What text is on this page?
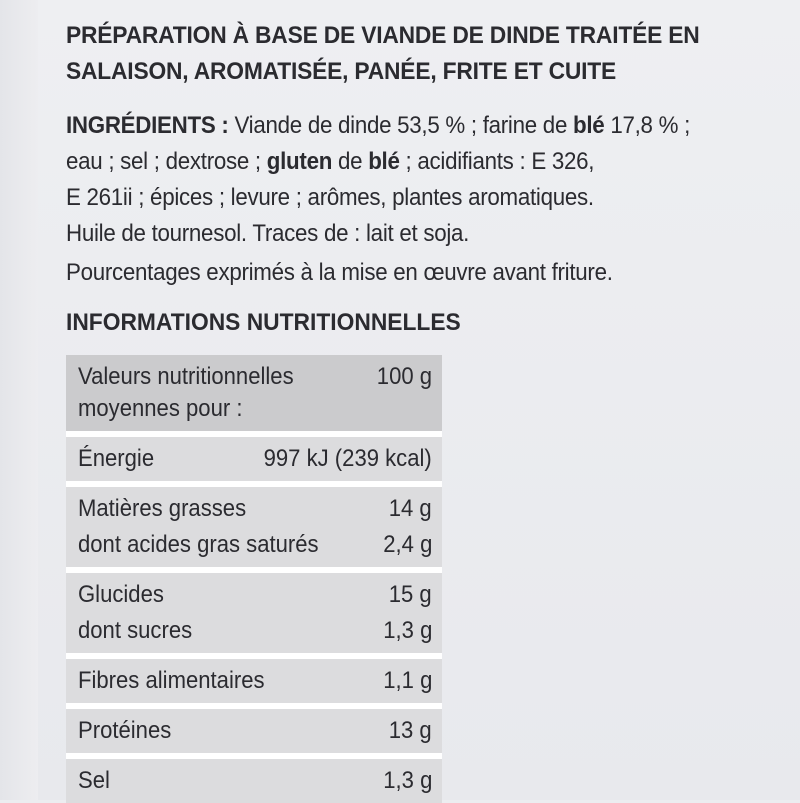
PRÉPARATION À BASE DE VIANDE DE DINDE TRAITÉE EN
SALAISON, AROMATISÉE, PANÉE, FRITE ET CUITE
INGRÉDIENTS : Viande de dinde 53,5 % ; farine de blé 17,8 % ;
eau ; sel ; dextrose ; gluten de blé ; acidifiants : E 326,
E 261ii ; épices ; levure ; arômes, plantes aromatiques.
Huile de tournesol. Traces de : lait et soja.
Pourcentages exprimés à la mise en œuvre avant friture.
INFORMATIONS NUTRITIONNELLES
Valeurs nutritionnelles	100 g
moyennes pour :
Énergie	997 kJ (239 kcal)
Matières grasses	14 g
dont acides gras saturés	2,4 g
Glucides	15 g
dont sucres	1,3 g
Fibres alimentaires	1,1 g
Protéines	13 g
Sel	1,3 g
